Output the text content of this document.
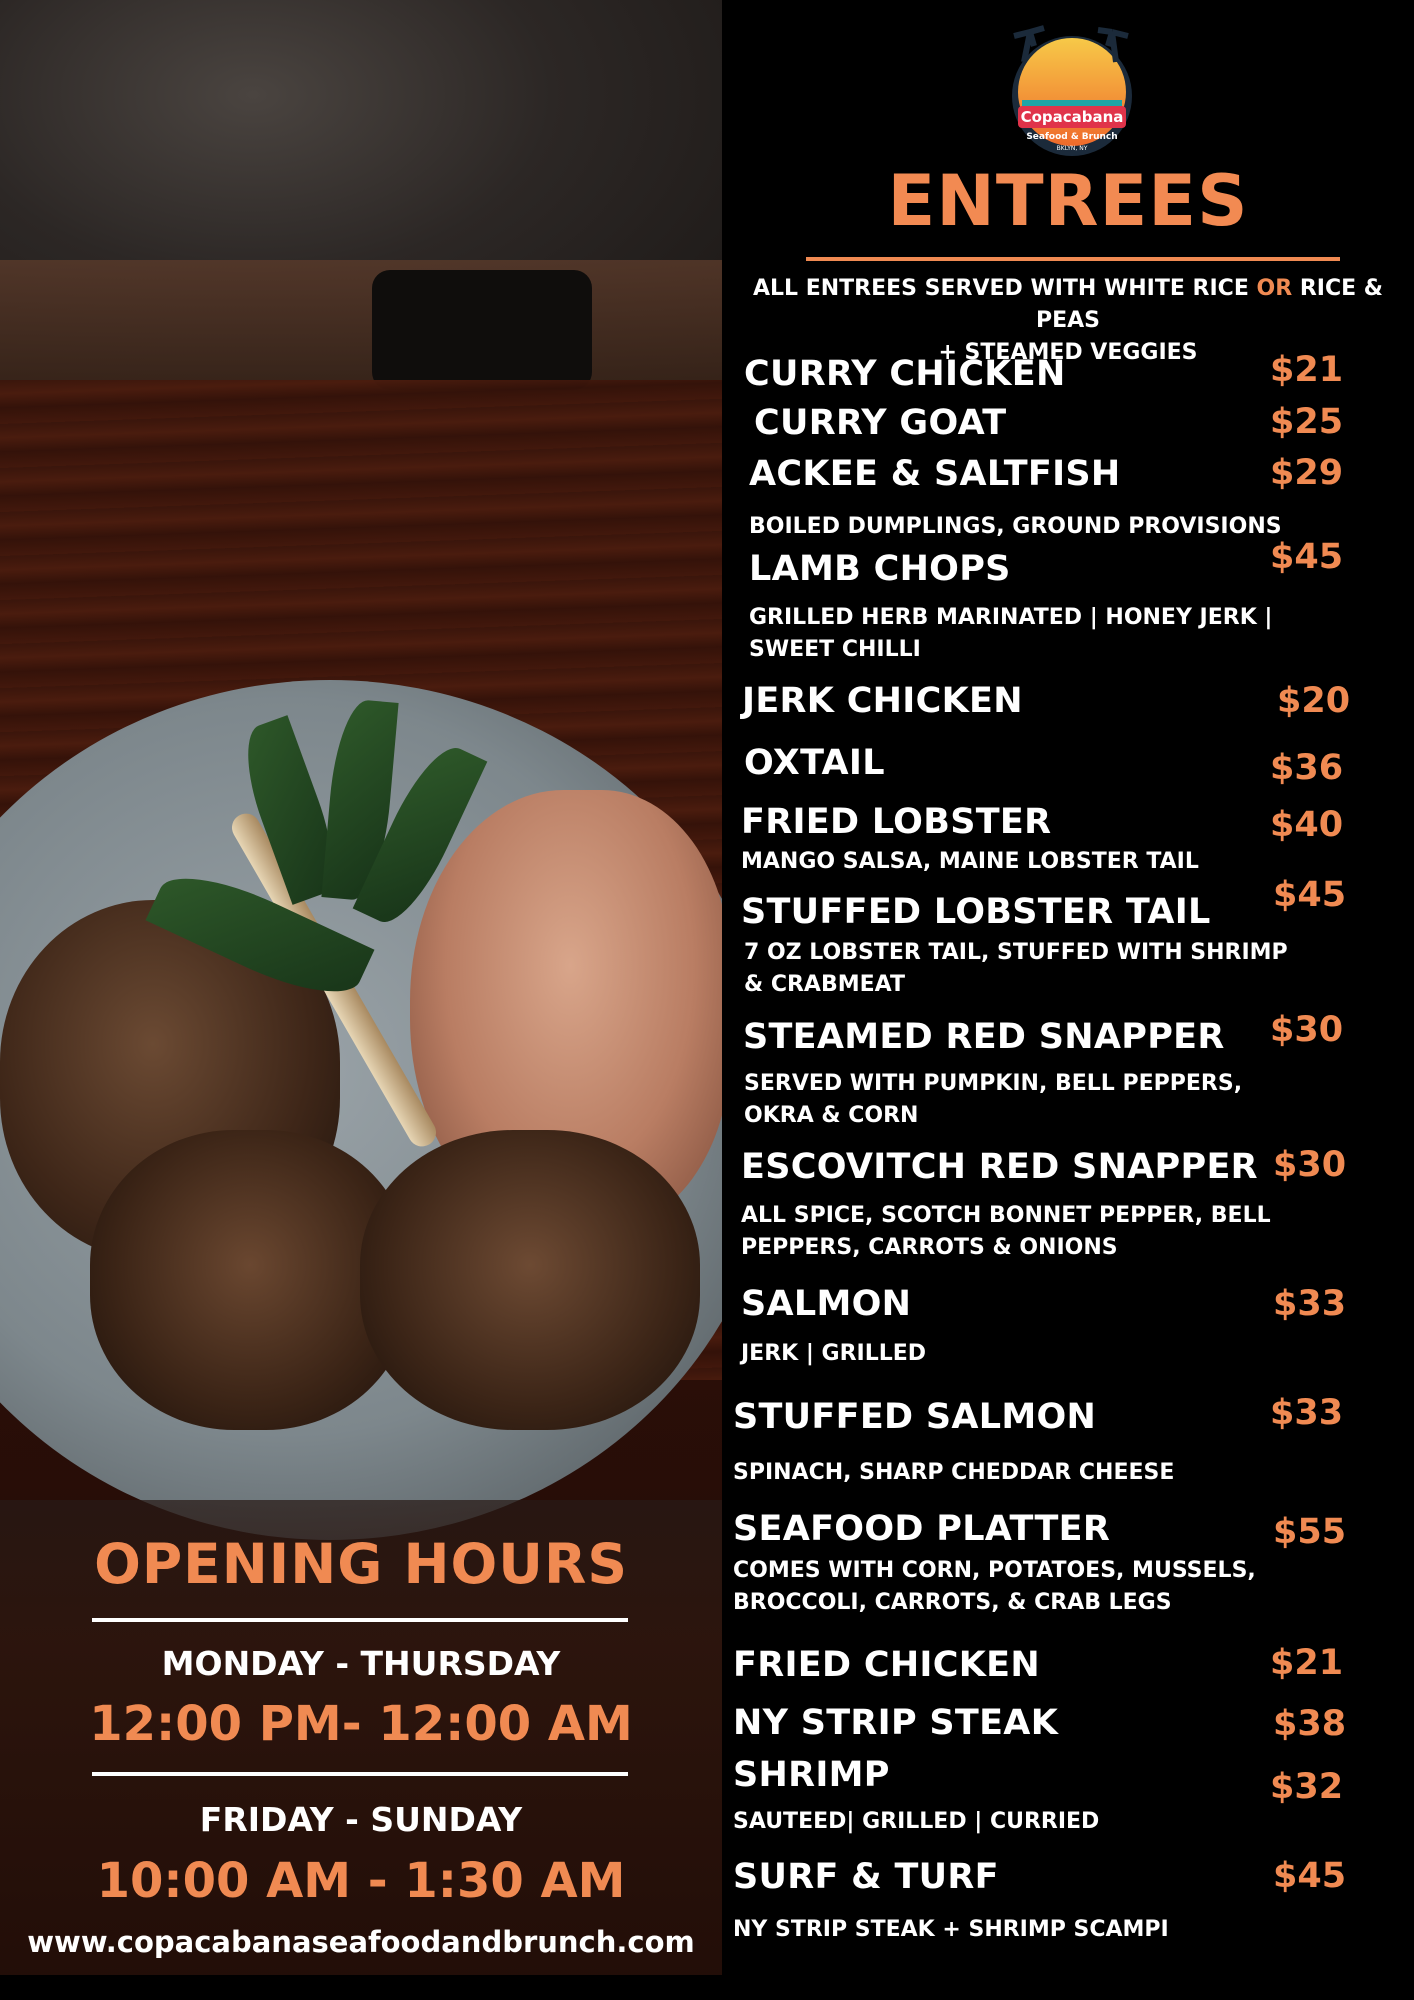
OPENING HOURS
MONDAY - THURSDAY
12:00 PM- 12:00 AM
FRIDAY - SUNDAY
10:00 AM - 1:30 AM
www.copacabanaseafoodandbrunch.com
Copacabana
Seafood & Brunch
BKLYN, NY
ENTREES
ALL ENTREES SERVED WITH WHITE RICE OR RICE & PEAS
+ STEAMED VEGGIES
CURRY CHICKEN	$21
CURRY GOAT	$25
ACKEE & SALTFISH	$29
BOILED DUMPLINGS, GROUND PROVISIONS
LAMB CHOPS	$45
GRILLED HERB MARINATED | HONEY JERK | SWEET CHILLI
JERK CHICKEN	$20
OXTAIL	$36
FRIED LOBSTER	$40
MANGO SALSA, MAINE LOBSTER TAIL
STUFFED LOBSTER TAIL $45
7 OZ LOBSTER TAIL, STUFFED WITH SHRIMP & CRABMEAT
STEAMED RED SNAPPER $30
SERVED WITH PUMPKIN, BELL PEPPERS, OKRA & CORN
ESCOVITCH RED SNAPPER $30
ALL SPICE, SCOTCH BONNET PEPPER, BELL PEPPERS, CARROTS & ONIONS
SALMON	$33
JERK | GRILLED
STUFFED SALMON	$33
SPINACH, SHARP CHEDDAR CHEESE
SEAFOOD PLATTER	$55
COMES WITH CORN, POTATOES, MUSSELS, BROCCOLI, CARROTS, & CRAB LEGS
FRIED CHICKEN	$21
NY STRIP STEAK	$38
SHRIMP	$32
SAUTEED| GRILLED | CURRIED
SURF & TURF	$45
NY STRIP STEAK + SHRIMP SCAMPI
